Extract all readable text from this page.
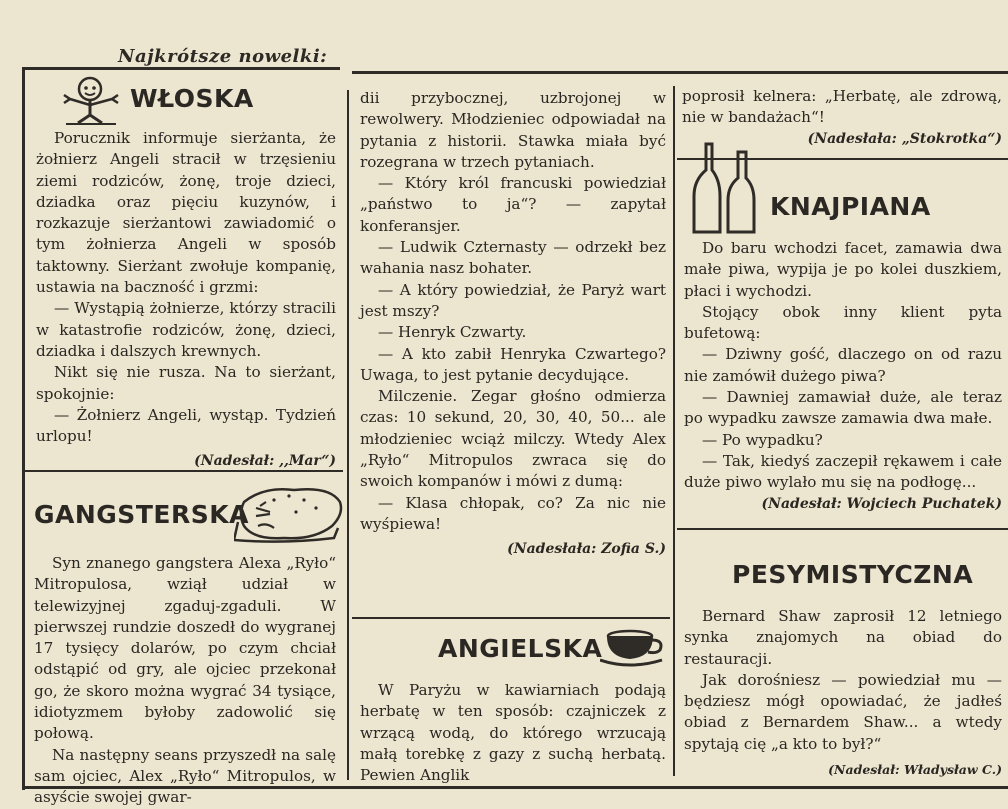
Najkrótsze nowelki:
WŁOSKA

Porucznik informuje sierżanta, że żołnierz Angeli stracił w trzęsieniu ziemi rodziców, żonę, troje dzieci, dziadka oraz pięciu kuzynów, i rozkazuje sierżantowi zawiadomić o tym żołnierza Angeli w sposób taktowny. Sierżant zwołuje kompanię, ustawia na baczność i grzmi:

— Wystąpią żołnierze, którzy stracili w katastrofie rodziców, żonę, dzieci, dziadka i dalszych krewnych.

Nikt się nie rusza. Na to sierżant, spokojnie:

— Żołnierz Angeli, wystąp. Tydzień urlopu!

(Nadesłał: ,,Mar“)

GANGSTERSKA

Syn znanego gangstera Alexa „Ryło“ Mitropulosa, wziął udział w telewizyjnej zgaduj-zgaduli. W pierwszej rundzie doszedł do wygranej 17 tysięcy dolarów, po czym chciał odstąpić od gry, ale ojciec przekonał go, że skoro można wygrać 34 tysiące, idiotyzmem byłoby zadowolić się połową.

Na następny seans przyszedł na salę sam ojciec, Alex „Ryło“ Mitropulos, w asyście swojej gwar-

dii przybocznej, uzbrojonej w rewolwery. Młodzieniec odpowiadał na pytania z historii. Stawka miała być rozegrana w trzech pytaniach.

— Który król francuski powiedział „państwo to ja“? — zapytał konferansjer.

— Ludwik Czternasty — odrzekł bez wahania nasz bohater.

— A który powiedział, że Paryż wart jest mszy?

— Henryk Czwarty.

— A kto zabił Henryka Czwartego? Uwaga, to jest pytanie decydujące.

Milczenie. Zegar głośno odmierza czas: 10 sekund, 20, 30, 40, 50... ale młodzieniec wciąż milczy. Wtedy Alex „Ryło“ Mitropulos zwraca się do swoich kompanów i mówi z dumą:

— Klasa chłopak, co? Za nic nie wyśpiewa!

(Nadesłała: Zofia S.)

ANGIELSKA

W Paryżu w kawiarniach podają herbatę w ten sposób: czajniczek z wrzącą wodą, do którego wrzucają małą torebkę z gazy z suchą herbatą. Pewien Anglik

poprosił kelnera: „Herbatę, ale zdrową, nie w bandażach“!

(Nadesłała: „Stokrotka“)

KNAJPIANA

Do baru wchodzi facet, zamawia dwa małe piwa, wypija je po kolei duszkiem, płaci i wychodzi.

Stojący obok inny klient pyta bufetową:

— Dziwny gość, dlaczego on od razu nie zamówił dużego piwa?

— Dawniej zamawiał duże, ale teraz po wypadku zawsze zamawia dwa małe.

— Po wypadku?

— Tak, kiedyś zaczepił rękawem i całe duże piwo wylało mu się na podłogę...

(Nadesłał: Wojciech Puchatek)

PESYMISTYCZNA

Bernard Shaw zaprosił 12 letniego synka znajomych na obiad do restauracji.

Jak dorośniesz — powiedział mu — będziesz mógł opowiadać, że jadłeś obiad z Bernardem Shaw... a wtedy spytają cię „a kto to był?“

(Nadesłał: Władysław C.)
